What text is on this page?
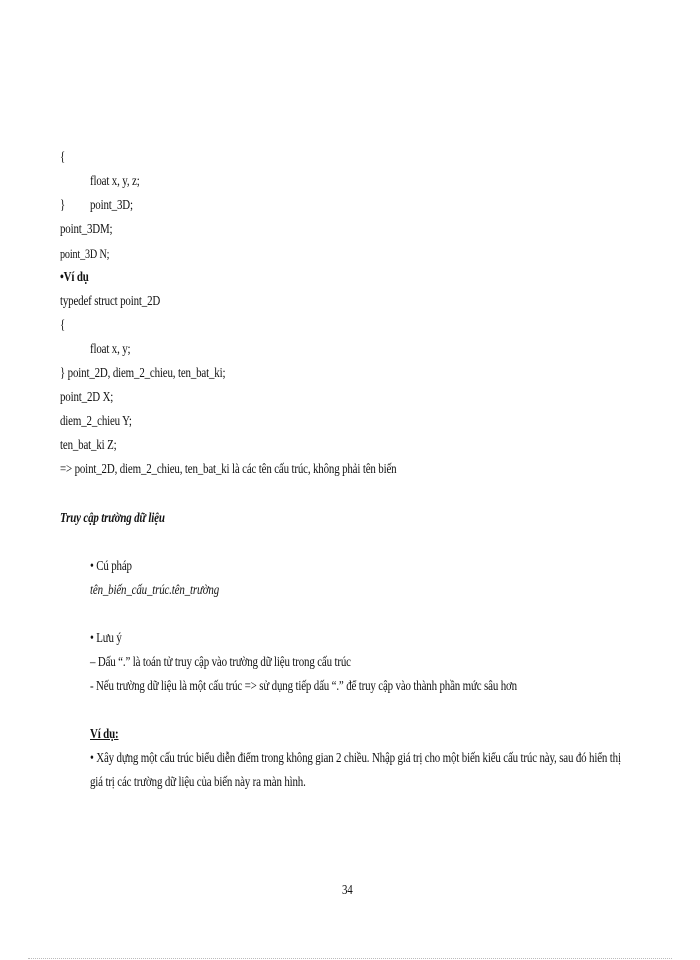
{
float x, y, z;
} point_3D;
point_3DM;
point_3D N;
•Ví dụ
typedef struct point_2D
{
float x, y;
} point_2D, diem_2_chieu, ten_bat_ki;
point_2D X;
diem_2_chieu Y;
ten_bat_ki Z;
=> point_2D, diem_2_chieu, ten_bat_ki là các tên cấu trúc, không phải tên biến
Truy cập trường dữ liệu
• Cú pháp
tên_biến_cấu_trúc.tên_trường
• Lưu ý
– Dấu “.” là toán tử truy cập vào trường dữ liệu trong cấu trúc
- Nếu trường dữ liệu là một cấu trúc => sử dụng tiếp dấu “.” để truy cập vào thành phần mức sâu hơn
Ví dụ:
• Xây dựng một cấu trúc biểu diễn điểm trong không gian 2 chiều. Nhập giá trị cho một biến kiểu cấu trúc này, sau đó hiển thị
giá trị các trường dữ liệu của biến này ra màn hình.
34
